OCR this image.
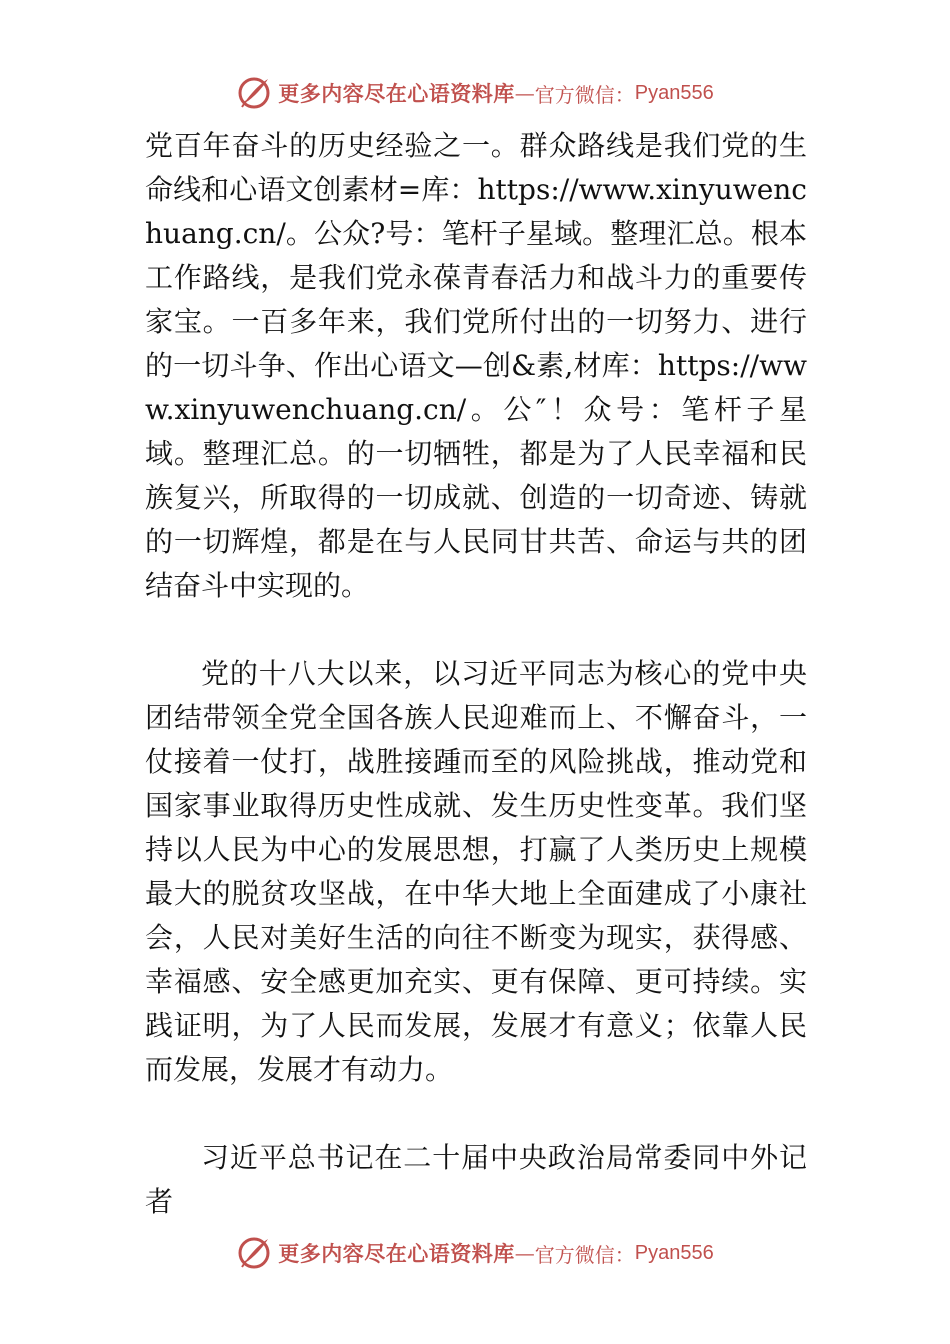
更多内容尽在心语资料库 — 官方微信： Pyan556

党百年奋斗的历史经验之一。群众路线是我们党的生命线和心语文创素材=库：https://www.xinyuwenchuang.cn/。公众?号：笔杆子星域。整理汇总。根本工作路线，是我们党永葆青春活力和战斗力的重要传家宝。一百多年来，我们党所付出的一切努力、进行的一切斗争、作出心语文—创&素,材库：https://www.xinyuwenchuang.cn/。公″！众号：笔杆子星域。整理汇总。的一切牺牲，都是为了人民幸福和民族复兴，所取得的一切成就、创造的一切奇迹、铸就的一切辉煌，都是在与人民同甘共苦、命运与共的团结奋斗中实现的。

党的十八大以来，以习近平同志为核心的党中央团结带领全党全国各族人民迎难而上、不懈奋斗，一仗接着一仗打，战胜接踵而至的风险挑战，推动党和国家事业取得历史性成就、发生历史性变革。我们坚持以人民为中心的发展思想，打赢了人类历史上规模最大的脱贫攻坚战，在中华大地上全面建成了小康社会，人民对美好生活的向往不断变为现实，获得感、幸福感、安全感更加充实、更有保障、更可持续。实践证明，为了人民而发展，发展才有意义；依靠人民而发展，发展才有动力。

习近平总书记在二十届中央政治局常委同中外记者

更多内容尽在心语资料库 — 官方微信： Pyan556
